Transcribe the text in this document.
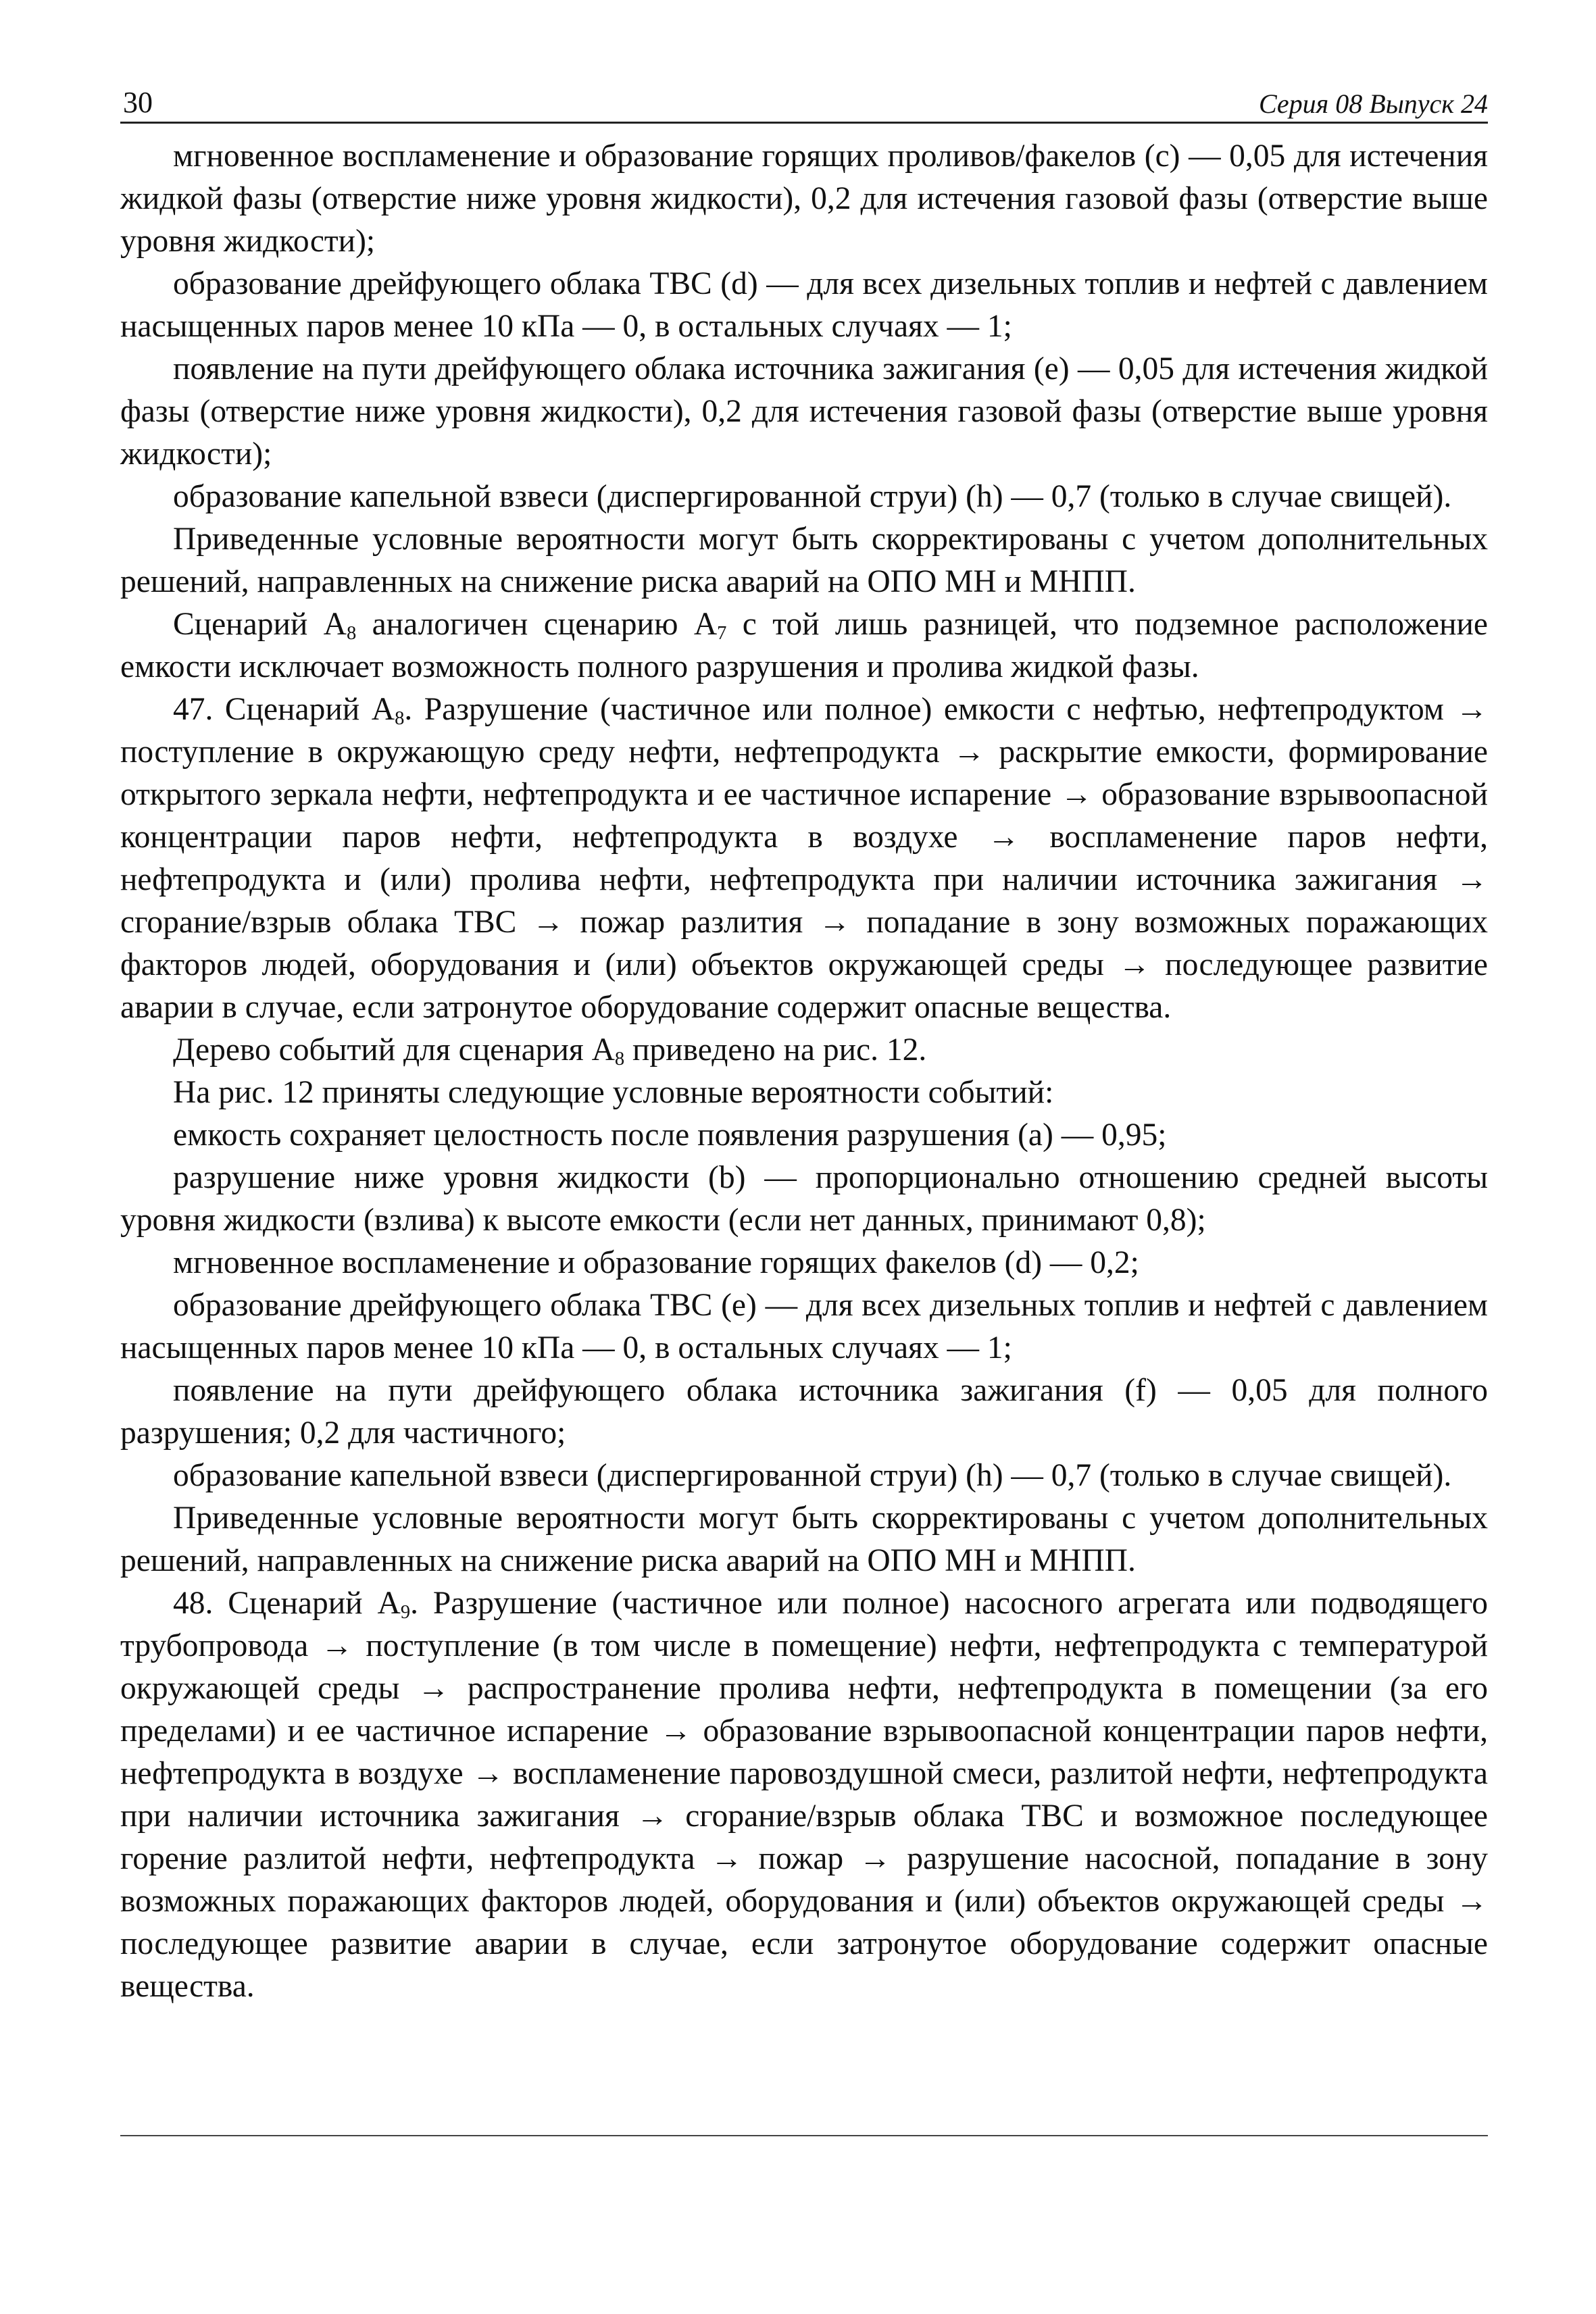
30	Серия 08 Выпуск 24

мгновенное воспламенение и образование горящих проливов/факелов (c) — 0,05 для истечения жидкой фазы (отверстие ниже уровня жидкости), 0,2 для истечения газовой фазы (отверстие выше уровня жидкости);

образование дрейфующего облака ТВС (d) — для всех дизельных топлив и нефтей с давлением насыщенных паров менее 10 кПа — 0, в остальных случаях — 1;

появление на пути дрейфующего облака источника зажигания (e) — 0,05 для истечения жидкой фазы (отверстие ниже уровня жидкости), 0,2 для истечения газовой фазы (отверстие выше уровня жидкости);

образование капельной взвеси (диспергированной струи) (h) — 0,7 (только в случае свищей).

Приведенные условные вероятности могут быть скорректированы с учетом дополнительных решений, направленных на снижение риска аварий на ОПО МН и МНПП.

Сценарий $А_8$ аналогичен сценарию $А_7$ с той лишь разницей, что подземное расположение емкости исключает возможность полного разрушения и пролива жидкой фазы.

47. Сценарий $А_8$. Разрушение (частичное или полное) емкости с нефтью, нефтепродуктом → поступление в окружающую среду нефти, нефтепродукта → раскрытие емкости, формирование открытого зеркала нефти, нефтепродукта и ее частичное испарение → образование взрывоопасной концентрации паров нефти, нефтепродукта в воздухе → воспламенение паров нефти, нефтепродукта и (или) пролива нефти, нефтепродукта при наличии источника зажигания → сгорание/взрыв облака ТВС → пожар разлития → попадание в зону возможных поражающих факторов людей, оборудования и (или) объектов окружающей среды → последующее развитие аварии в случае, если затронутое оборудование содержит опасные вещества.

Дерево событий для сценария $А_8$ приведено на рис. 12.

На рис. 12 приняты следующие условные вероятности событий:

емкость сохраняет целостность после появления разрушения (a) — 0,95;

разрушение ниже уровня жидкости (b) — пропорционально отношению средней высоты уровня жидкости (взлива) к высоте емкости (если нет данных, принимают 0,8);

мгновенное воспламенение и образование горящих факелов (d) — 0,2;

образование дрейфующего облака ТВС (e) — для всех дизельных топлив и нефтей с давлением насыщенных паров менее 10 кПа — 0, в остальных случаях — 1;

появление на пути дрейфующего облака источника зажигания (f) — 0,05 для полного разрушения; 0,2 для частичного;

образование капельной взвеси (диспергированной струи) (h) — 0,7 (только в случае свищей).

Приведенные условные вероятности могут быть скорректированы с учетом дополнительных решений, направленных на снижение риска аварий на ОПО МН и МНПП.

48. Сценарий $А_9$. Разрушение (частичное или полное) насосного агрегата или подводящего трубопровода → поступление (в том числе в помещение) нефти, нефтепродукта с температурой окружающей среды → распространение пролива нефти, нефтепродукта в помещении (за его пределами) и ее частичное испарение → образование взрывоопасной концентрации паров нефти, нефтепродукта в воздухе → воспламенение паровоздушной смеси, разлитой нефти, нефтепродукта при наличии источника зажигания → сгорание/взрыв облака ТВС и возможное последующее горение разлитой нефти, нефтепродукта → пожар → разрушение насосной, попадание в зону возможных поражающих факторов людей, оборудования и (или) объектов окружающей среды → последующее развитие аварии в случае, если затронутое оборудование содержит опасные вещества.
